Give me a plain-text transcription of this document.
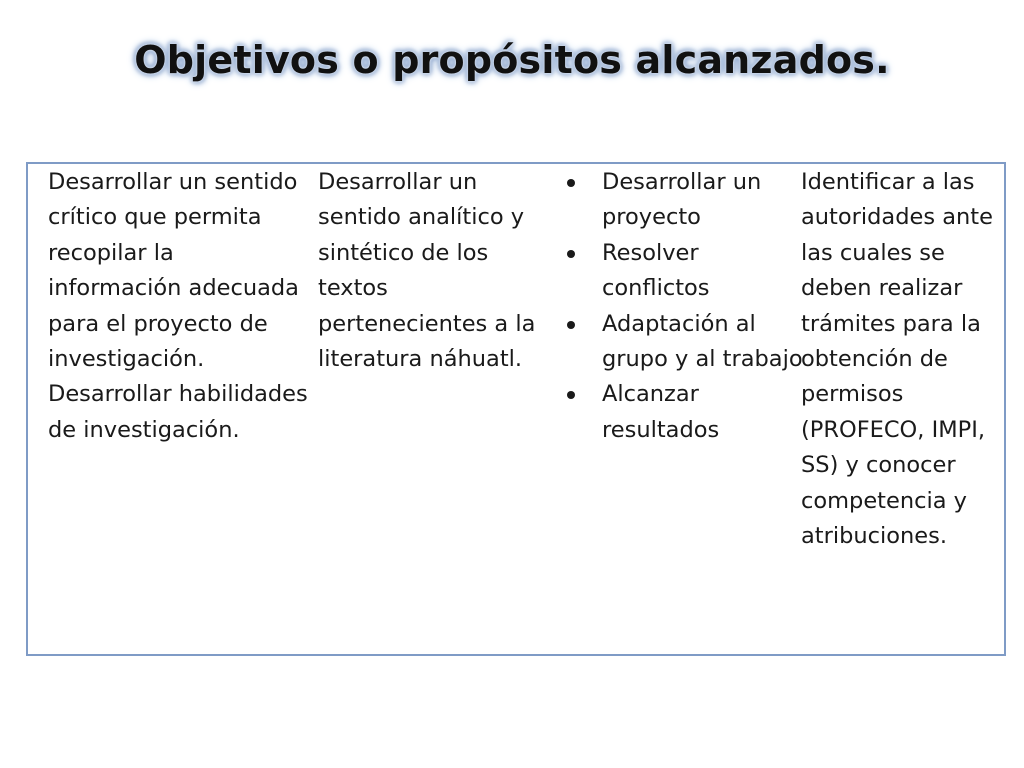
Objetivos o propósitos alcanzados.

Desarrollar un sentido crítico que permita recopilar la información adecuada para el proyecto de investigación.

Desarrollar habilidades de investigación.

Desarrollar un sentido analítico y sintético de los textos pertenecientes a la literatura náhuatl.

Desarrollar un proyecto
Resolver conflictos
Adaptación al grupo y al trabajo
Alcanzar resultados

Identificar a las autoridades ante las cuales se deben realizar trámites para la obtención de permisos (PROFECO, IMPI, SS) y conocer competencia y atribuciones.
